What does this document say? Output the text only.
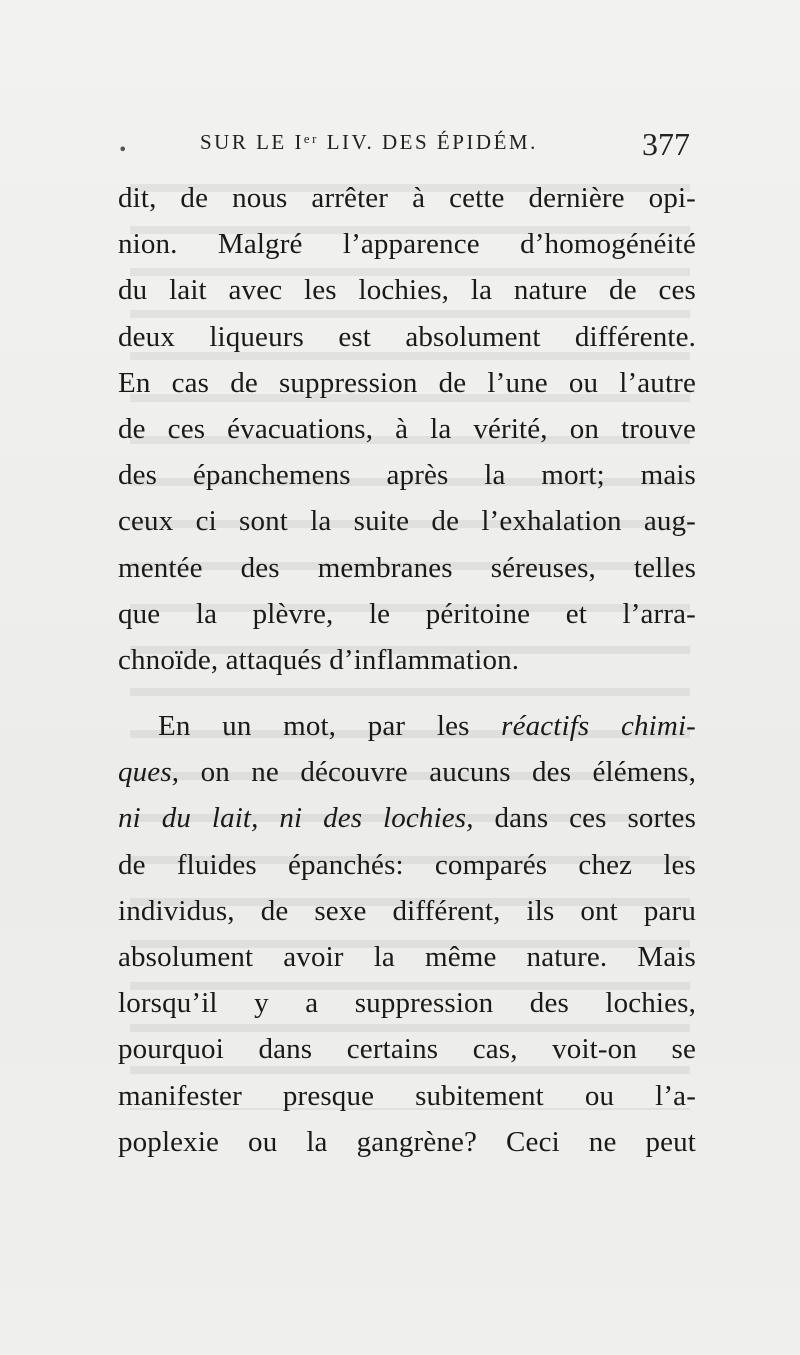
•	SUR LE Iᵉʳ LIV. DES ÉPIDÉM.	377
dit, de nous arrêter à cette dernière opi-
nion. Malgré l’apparence d’homogénéité
du lait avec les lochies, la nature de ces
deux liqueurs est absolument différente.
En cas de suppression de l’une ou l’autre
de ces évacuations, à la vérité, on trouve
des épanchemens après la mort; mais
ceux ci sont la suite de l’exhalation aug-
mentée des membranes séreuses, telles
que la plèvre, le péritoine et l’arra-
chnoïde, attaqués d’inflammation.
En un mot, par les réactifs chimi-
ques, on ne découvre aucuns des élémens,
ni du lait, ni des lochies, dans ces sortes
de fluides épanchés: comparés chez les
individus, de sexe différent, ils ont paru
absolument avoir la même nature. Mais
lorsqu’il y a suppression des lochies,
pourquoi dans certains cas, voit-on se
manifester presque subitement ou l’a-
poplexie ou la gangrène? Ceci ne peut
